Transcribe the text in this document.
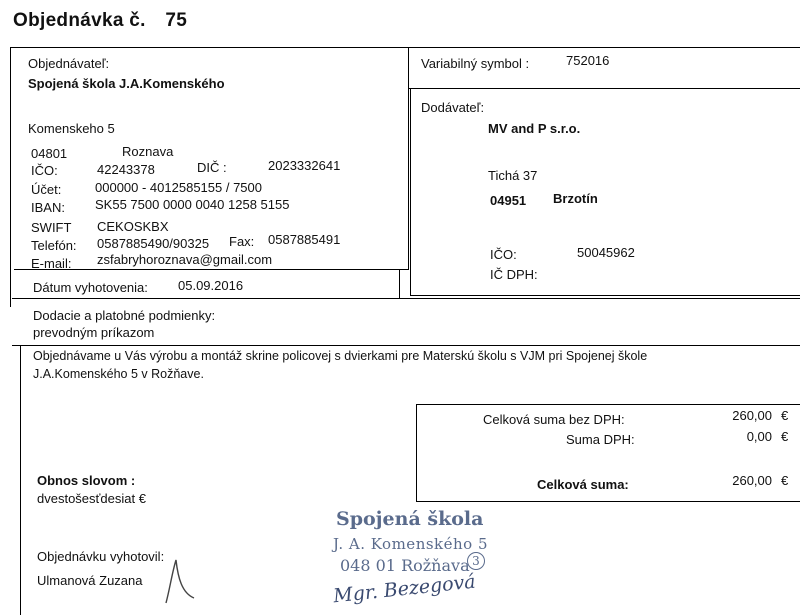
Objednávka č. 75
Objednávateľ:
Spojená škola J.A.Komenského
Komenskeho 5
04801	Roznava
IČO:	42243378	DIČ :	2023332641
Účet:	000000 - 4012585155 / 7500
IBAN: SK55 7500 0000 0040 1258 5155
SWIFT CEKOSKBX
Telefón: 0587885490/90325 Fax: 0587885491
E-mail: zsfabryhoroznava@gmail.com
Dátum vyhotovenia: 05.09.2016
Variabilný symbol :	752016
Dodávateľ:
MV and P s.r.o.
Tichá 37
04951 Brzotín
IČO:	50045962
IČ DPH:
Dodacie a platobné podmienky:
prevodným príkazom
Objednávame u Vás výrobu a montáž skrine policovej s dvierkami pre Materskú školu s VJM pri Spojenej škole
J.A.Komenského 5 v Rožňave.
Celková suma bez DPH:	260,00 €
Suma DPH:	0,00 €
Celková suma:	260,00 €
Obnos slovom :
dvestošesťdesiat €
Objednávku vyhotovil:
Ulmanová Zuzana
Spojená škola
J. A. Komenského 5
048 01 Rožňava 3
Mgr. Bezegová
